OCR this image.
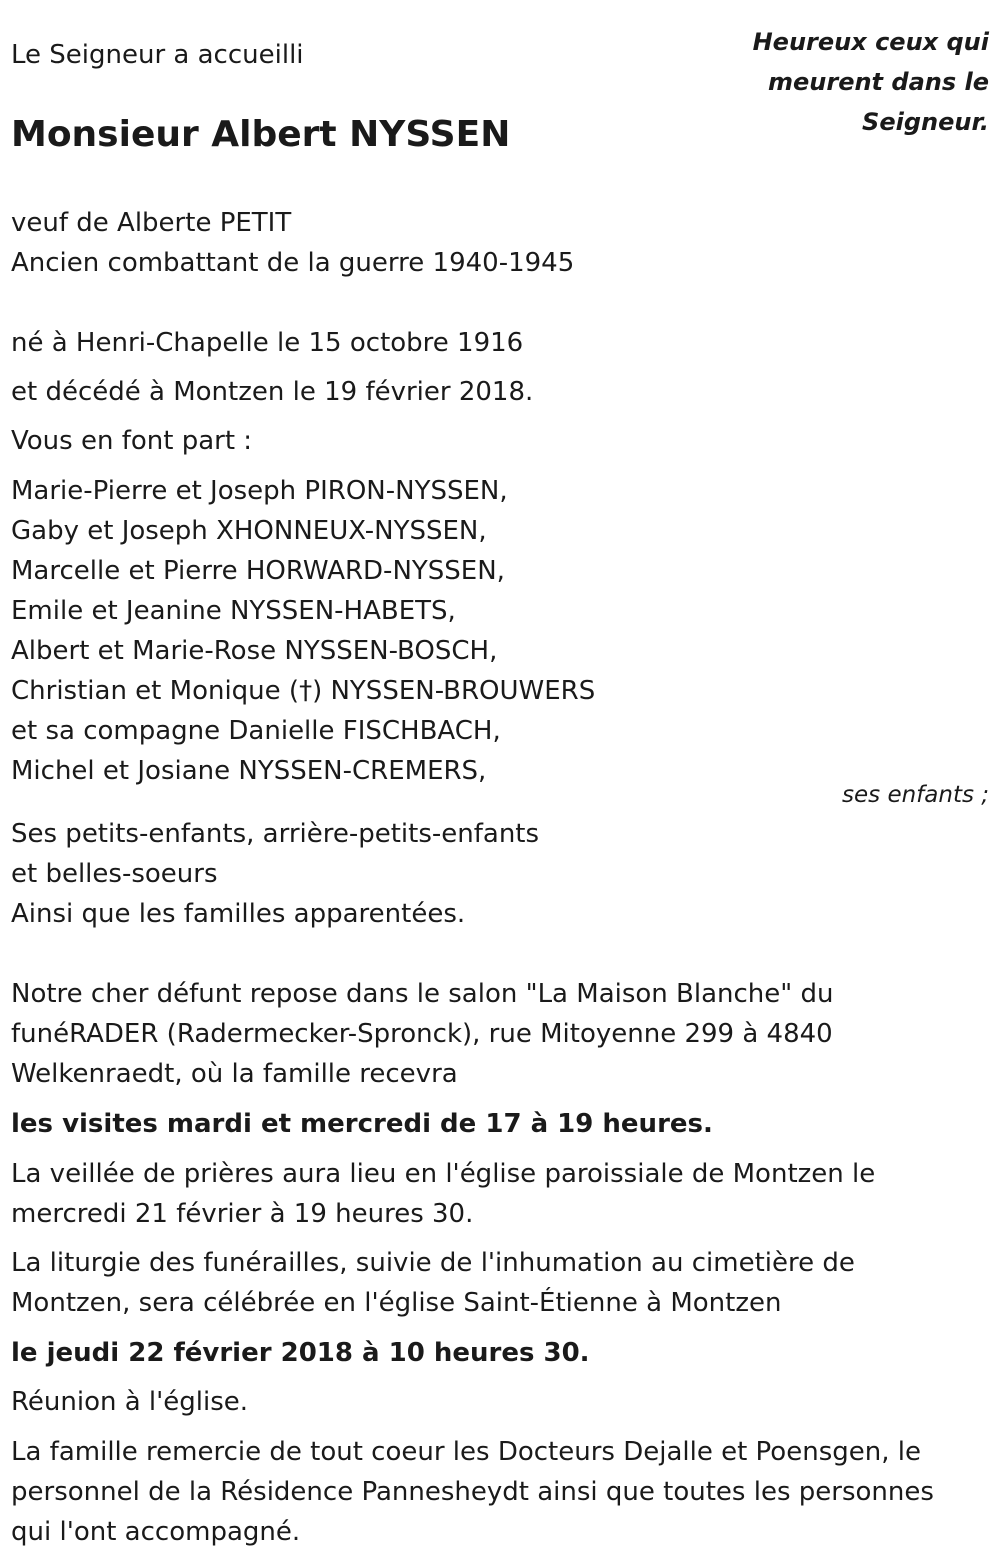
Le Seigneur a accueilli
Monsieur Albert NYSSEN
Heureux ceux qui
meurent dans le
Seigneur.
veuf de Alberte PETIT
Ancien combattant de la guerre 1940-1945
né à Henri-Chapelle le 15 octobre 1916
et décédé à Montzen le 19 février 2018.
Vous en font part :
Marie-Pierre et Joseph PIRON-NYSSEN,
Gaby et Joseph XHONNEUX-NYSSEN,
Marcelle et Pierre HORWARD-NYSSEN,
Emile et Jeanine NYSSEN-HABETS,
Albert et Marie-Rose NYSSEN-BOSCH,
Christian et Monique (†) NYSSEN-BROUWERS
et sa compagne Danielle FISCHBACH,
Michel et Josiane NYSSEN-CREMERS,
ses enfants ;
Ses petits-enfants, arrière-petits-enfants
et belles-soeurs
Ainsi que les familles apparentées.
Notre cher défunt repose dans le salon "La Maison Blanche" du
funéRADER (Radermecker-Spronck), rue Mitoyenne 299 à 4840
Welkenraedt, où la famille recevra
les visites mardi et mercredi de 17 à 19 heures.
La veillée de prières aura lieu en l'église paroissiale de Montzen le
mercredi 21 février à 19 heures 30.
La liturgie des funérailles, suivie de l'inhumation au cimetière de
Montzen, sera célébrée en l'église Saint-Étienne à Montzen
le jeudi 22 février 2018 à 10 heures 30.
Réunion à l'église.
La famille remercie de tout coeur les Docteurs Dejalle et Poensgen, le
personnel de la Résidence Pannesheydt ainsi que toutes les personnes
qui l'ont accompagné.
